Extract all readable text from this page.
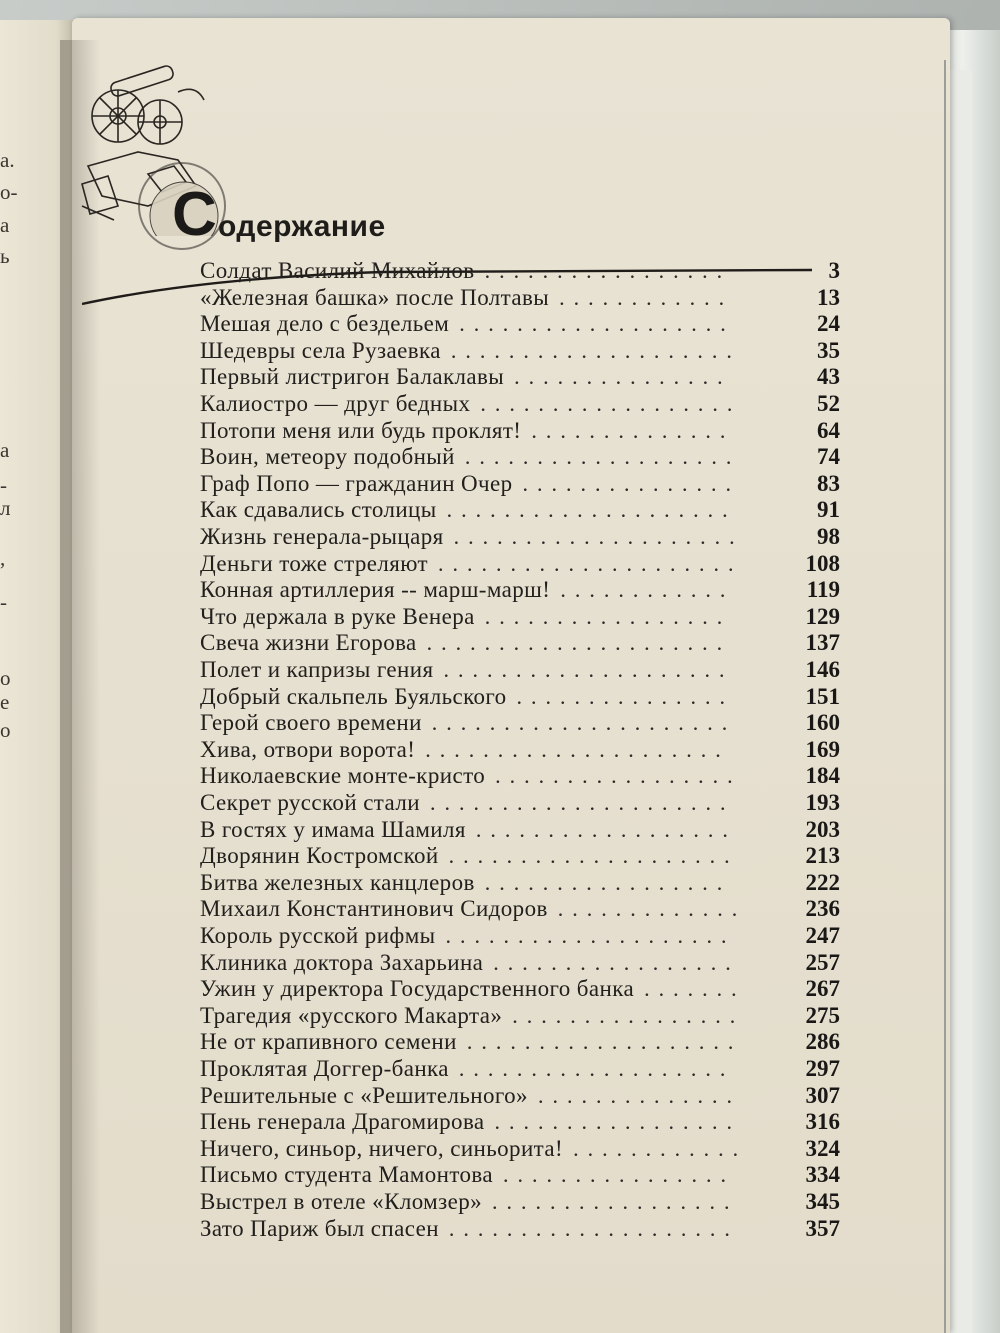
а.
о-
а
ь
а
-
л
,
-
о
е
о
С одержание
Солдат Василий Михайлов	3
.................
«Железная башка» после Полтавы	13
............
Мешая дело с бездельем	24
...................
Шедевры села Рузаевка	35
....................
Первый листригон Балаклавы	43
...............
Калиостро — друг бедных	52
..................
Потопи меня или будь проклят!	64
..............
Воин, метеору подобный	74
...................
Граф Попо — гражданин Очер	83
...............
Как сдавались столицы	91
....................
Жизнь генерала-рыцаря	98
....................
Деньги тоже стреляют	108
.....................
Конная артиллерия -- марш-марш!	119
............
Что держала в руке Венера	129
.................
Свеча жизни Егорова	137
.....................
Полет и капризы гения	146
....................
Добрый скальпель Буяльского	151
...............
Герой своего времени	160
.....................
Хива, отвори ворота!	169
.....................
Николаевские монте-кристо	184
.................
Секрет русской стали	193
.....................
В гостях у имама Шамиля	203
..................
Дворянин Костромской	213
....................
Битва железных канцлеров	222
.................
Михаил Константинович Сидоров	236
.............
Король русской рифмы	247
....................
Клиника доктора Захарьина	257
.................
Ужин у директора Государственного банка	267
.......
Трагедия «русского Макарта»	275
................
Не от крапивного семени	286
...................
Проклятая Доггер-банка	297
...................
Решительные с «Решительного»	307
..............
Пень генерала Драгомирова	316
.................
Ничего, синьор, ничего, синьорита!	324
............
Письмо студента Мамонтова	334
................
Выстрел в отеле «Кломзер»	345
.................
Зато Париж был спасен	357
....................
